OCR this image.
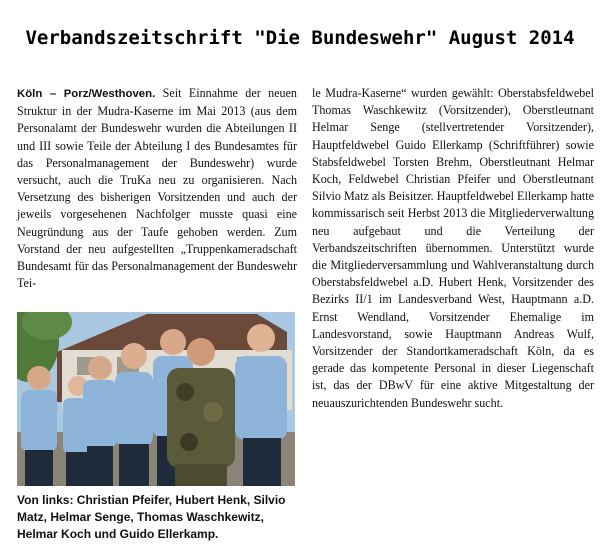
Verbandszeitschrift "Die Bundeswehr" August 2014
Köln – Porz/Westhoven. Seit Einnahme der neuen Struktur in der Mudra-Kaserne im Mai 2013 (aus dem Personalamt der Bundeswehr wurden die Abteilungen II und III sowie Teile der Abteilung I des Bundesamtes für das Personalmanagement der Bundeswehr) wurde versucht, auch die TruKa neu zu organisieren. Nach Versetzung des bisherigen Vorsitzenden und auch der jeweils vorgesehenen Nachfolger musste quasi eine Neugründung aus der Taufe gehoben werden. Zum Vorstand der neu aufgestellten „Truppenkameradschaft Bundesamt für das Personalmanagement der Bundeswehr Tei-
le Mudra-Kaserne“ wurden gewählt: Oberstabsfeldwebel Thomas Waschkewitz (Vorsitzender), Oberstleutnant Helmar Senge (stellvertretender Vorsitzender), Hauptfeldwebel Guido Ellerkamp (Schriftführer) sowie Stabsfeldwebel Torsten Brehm, Oberstleutnant Helmar Koch, Feldwebel Christian Pfeifer und Oberstleutnant Silvio Matz als Beisitzer. Hauptfeldwebel Ellerkamp hatte kommissarisch seit Herbst 2013 die Mitgliederverwaltung neu aufgebaut und die Verteilung der Verbandszeitschriften übernommen. Unterstützt wurde die Mitgliederversammlung und Wahlveranstaltung durch Oberstabsfeldwebel a.D. Hubert Henk, Vorsitzender des Bezirks II/1 im Landesverband West, Hauptmann a.D. Ernst Wendland, Vorsitzender Ehemalige im Landesvorstand, sowie Hauptmann Andreas Wulf, Vorsitzender der Standortkameradschaft Köln, da es gerade das kompetente Personal in dieser Liegenschaft ist, das der DBwV für eine aktive Mitgestaltung der neuauszurichtenden Bundeswehr sucht.
Von links: Christian Pfeifer, Hubert Henk, Silvio Matz, Helmar Senge, Thomas Waschkewitz, Helmar Koch und Guido Ellerkamp.
